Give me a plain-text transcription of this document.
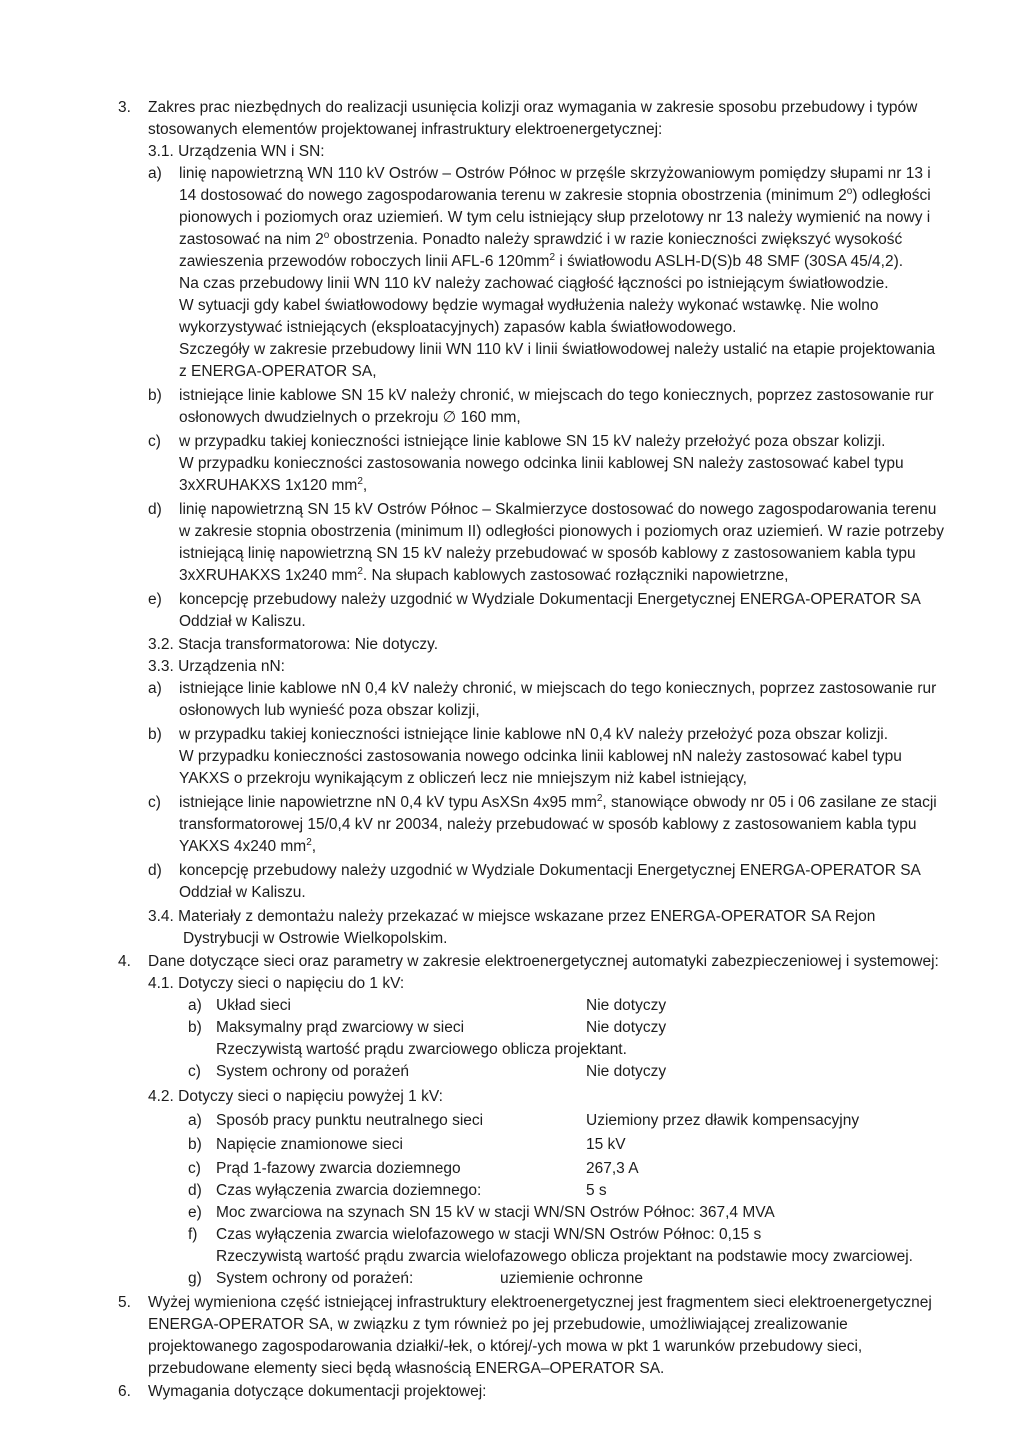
3. Zakres prac niezbędnych do realizacji usunięcia kolizji oraz wymagania w zakresie sposobu przebudowy i typów
stosowanych elementów projektowanej infrastruktury elektroenergetycznej:
3.1. Urządzenia WN i SN:
a) linię napowietrzną WN 110 kV Ostrów – Ostrów Północ w przęśle skrzyżowaniowym pomiędzy słupami nr 13 i
14 dostosować do nowego zagospodarowania terenu w zakresie stopnia obostrzenia (minimum 2$^o$) odległości
pionowych i poziomych oraz uziemień. W tym celu istniejący słup przelotowy nr 13 należy wymienić na nowy i
zastosować na nim 2$^o$ obostrzenia. Ponadto należy sprawdzić i w razie konieczności zwiększyć wysokość
zawieszenia przewodów roboczych linii AFL-6 $120mm^2$ i światłowodu ASLH-D(S)b 48 SMF (30SA 45/4,2).
Na czas przebudowy linii WN 110 kV należy zachować ciągłość łączności po istniejącym światłowodzie.
W sytuacji gdy kabel światłowodowy będzie wymagał wydłużenia należy wykonać wstawkę. Nie wolno
wykorzystywać istniejących (eksploatacyjnych) zapasów kabla światłowodowego.
Szczegóły w zakresie przebudowy linii WN 110 kV i linii światłowodowej należy ustalić na etapie projektowania
z ENERGA-OPERATOR SA,
b) istniejące linie kablowe SN 15 kV należy chronić, w miejscach do tego koniecznych, poprzez zastosowanie rur
osłonowych dwudzielnych o przekroju ∅ 160 mm,
c) w przypadku takiej konieczności istniejące linie kablowe SN 15 kV należy przełożyć poza obszar kolizji.
W przypadku konieczności zastosowania nowego odcinka linii kablowej SN należy zastosować kabel typu
3xXRUHAKXS 1x120 $mm^2$,
d) linię napowietrzną SN 15 kV Ostrów Północ – Skalmierzyce dostosować do nowego zagospodarowania terenu
w zakresie stopnia obostrzenia (minimum II) odległości pionowych i poziomych oraz uziemień. W razie potrzeby
istniejącą linię napowietrzną SN 15 kV należy przebudować w sposób kablowy z zastosowaniem kabla typu
3xXRUHAKXS 1x240 $mm^2$. Na słupach kablowych zastosować rozłączniki napowietrzne,
e) koncepcję przebudowy należy uzgodnić w Wydziale Dokumentacji Energetycznej ENERGA-OPERATOR SA
Oddział w Kaliszu.
3.2. Stacja transformatorowa: Nie dotyczy.
3.3. Urządzenia nN:
a) istniejące linie kablowe nN 0,4 kV należy chronić, w miejscach do tego koniecznych, poprzez zastosowanie rur
osłonowych lub wynieść poza obszar kolizji,
b) w przypadku takiej konieczności istniejące linie kablowe nN 0,4 kV należy przełożyć poza obszar kolizji.
W przypadku konieczności zastosowania nowego odcinka linii kablowej nN należy zastosować kabel typu
YAKXS o przekroju wynikającym z obliczeń lecz nie mniejszym niż kabel istniejący,
c) istniejące linie napowietrzne nN 0,4 kV typu AsXSn 4x95 $mm^2$, stanowiące obwody nr 05 i 06 zasilane ze stacji
transformatorowej 15/0,4 kV nr 20034, należy przebudować w sposób kablowy z zastosowaniem kabla typu
YAKXS 4x240 $mm^2$,
d) koncepcję przebudowy należy uzgodnić w Wydziale Dokumentacji Energetycznej ENERGA-OPERATOR SA
Oddział w Kaliszu.
3.4. Materiały z demontażu należy przekazać w miejsce wskazane przez ENERGA-OPERATOR SA Rejon
Dystrybucji w Ostrowie Wielkopolskim.
4. Dane dotyczące sieci oraz parametry w zakresie elektroenergetycznej automatyki zabezpieczeniowej i systemowej:
4.1. Dotyczy sieci o napięciu do 1 kV:
a) Układ sieci	Nie dotyczy
b) Maksymalny prąd zwarciowy w sieci	Nie dotyczy
Rzeczywistą wartość prądu zwarciowego oblicza projektant.
c) System ochrony od porażeń	Nie dotyczy
4.2. Dotyczy sieci o napięciu powyżej 1 kV:
a) Sposób pracy punktu neutralnego sieci	Uziemiony przez dławik kompensacyjny
b) Napięcie znamionowe sieci	15 kV
c) Prąd 1-fazowy zwarcia doziemnego	267,3 A
d) Czas wyłączenia zwarcia doziemnego:	5 s
e) Moc zwarciowa na szynach SN 15 kV w stacji WN/SN Ostrów Północ: 367,4 MVA
f) Czas wyłączenia zwarcia wielofazowego w stacji WN/SN Ostrów Północ: 0,15 s
Rzeczywistą wartość prądu zwarcia wielofazowego oblicza projektant na podstawie mocy zwarciowej.
g) System ochrony od porażeń:	uziemienie ochronne
5. Wyżej wymieniona część istniejącej infrastruktury elektroenergetycznej jest fragmentem sieci elektroenergetycznej
ENERGA-OPERATOR SA, w związku z tym również po jej przebudowie, umożliwiającej zrealizowanie
projektowanego zagospodarowania działki/-łek, o której/-ych mowa w pkt 1 warunków przebudowy sieci,
przebudowane elementy sieci będą własnością ENERGA–OPERATOR SA.
6. Wymagania dotyczące dokumentacji projektowej:
